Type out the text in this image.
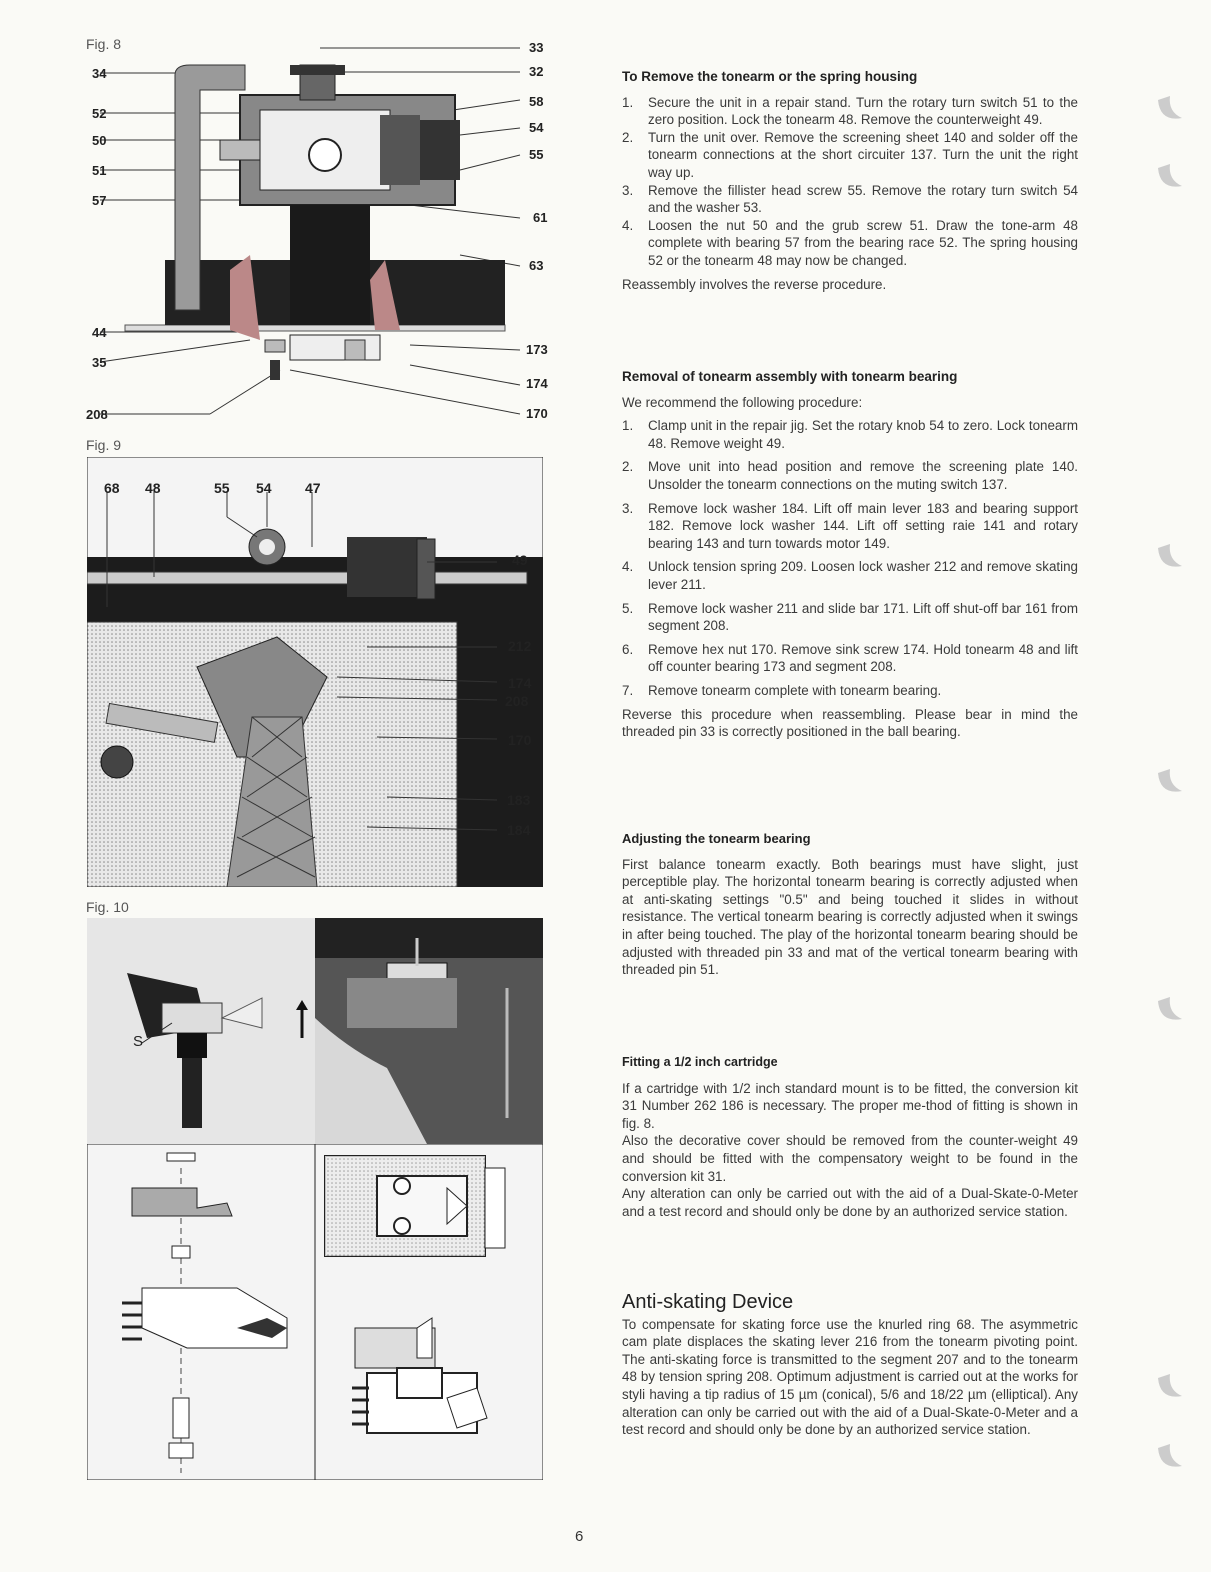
Fig. 8
34
52
50
51
57
44
35
208
33
32
58
54
55
61
63
173
174
170
Fig. 9
68 48	55 54 47
49
212
174
208
170
183
184
Fig. 10
S
To Remove the tonearm or the spring housing
1.	Secure the unit in a repair stand. Turn the rotary turn switch 51 to the zero position. Lock the tonearm 48. Remove the counterweight 49.
2.	Turn the unit over. Remove the screening sheet 140 and solder off the tonearm connections at the short circuiter 137. Turn the unit the right way up.
3.	Remove the fillister head screw 55. Remove the rotary turn switch 54 and the washer 53.
4.	Loosen the nut 50 and the grub screw 51. Draw the tone-arm 48 complete with bearing 57 from the bearing race 52. The spring housing 52 or the tonearm 48 may now be changed.

Reassembly involves the reverse procedure.

Removal of tonearm assembly with tonearm bearing

We recommend the following procedure:

1.	Clamp unit in the repair jig. Set the rotary knob 54 to zero. Lock tonearm 48. Remove weight 49.
2.	Move unit into head position and remove the screening plate 140. Unsolder the tonearm connections on the muting switch 137.
3.	Remove lock washer 184. Lift off main lever 183 and bearing support 182. Remove lock washer 144. Lift off setting raie 141 and rotary bearing 143 and turn towards motor 149.
4.	Unlock tension spring 209. Loosen lock washer 212 and remove skating lever 211.
5.	Remove lock washer 211 and slide bar 171. Lift off shut-off bar 161 from segment 208.
6.	Remove hex nut 170. Remove sink screw 174. Hold tonearm 48 and lift off counter bearing 173 and segment 208.
7.	Remove tonearm complete with tonearm bearing.

Reverse this procedure when reassembling. Please bear in mind the threaded pin 33 is correctly positioned in the ball bearing.

Adjusting the tonearm bearing

First balance tonearm exactly. Both bearings must have slight, just perceptible play. The horizontal tonearm bearing is correctly adjusted when at anti-skating settings "0.5" and being touched it slides in without resistance. The vertical tonearm bearing is correctly adjusted when it swings in after being touched. The play of the horizontal tonearm bearing should be adjusted with threaded pin 33 and mat of the vertical tonearm bearing with threaded pin 51.

Fitting a 1/2 inch cartridge

If a cartridge with 1/2 inch standard mount is to be fitted, the conversion kit 31 Number 262 186 is necessary. The proper me-thod of fitting is shown in fig. 8.

Also the decorative cover should be removed from the counter-weight 49 and should be fitted with the compensatory weight to be found in the conversion kit 31.

Any alteration can only be carried out with the aid of a Dual-Skate-0-Meter and a test record and should only be done by an authorized service station.

Anti-skating Device

To compensate for skating force use the knurled ring 68. The asymmetric cam plate displaces the skating lever 216 from the tonearm pivoting point. The anti-skating force is transmitted to the segment 207 and to the tonearm 48 by tension spring 208. Optimum adjustment is carried out at the works for styli having a tip radius of 15 µm (conical), 5/6 and 18/22 µm (elliptical). Any alteration can only be carried out with the aid of a Dual-Skate-0-Meter and a test record and should only be done by an authorized service station.

6
